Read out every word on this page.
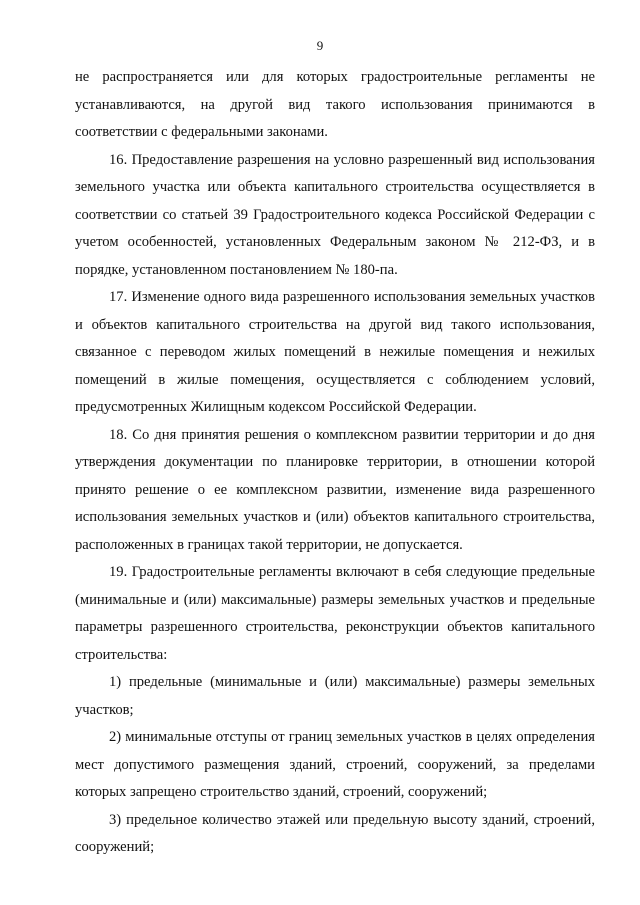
9

не распространяется или для которых градостроительные регламенты не устанавливаются, на другой вид такого использования принимаются в соответствии с федеральными законами.

16. Предоставление разрешения на условно разрешенный вид использования земельного участка или объекта капитального строительства осуществляется в соответствии со статьей 39 Градостроительного кодекса Российской Федерации с учетом особенностей, установленных Федеральным законом № 212-ФЗ, и в порядке, установленном постановлением № 180-па.

17. Изменение одного вида разрешенного использования земельных участков и объектов капитального строительства на другой вид такого использования, связанное с переводом жилых помещений в нежилые помещения и нежилых помещений в жилые помещения, осуществляется с соблюдением условий, предусмотренных Жилищным кодексом Российской Федерации.

18. Со дня принятия решения о комплексном развитии территории и до дня утверждения документации по планировке территории, в отношении которой принято решение о ее комплексном развитии, изменение вида разрешенного использования земельных участков и (или) объектов капитального строительства, расположенных в границах такой территории, не допускается.

19. Градостроительные регламенты включают в себя следующие предельные (минимальные и (или) максимальные) размеры земельных участков и предельные параметры разрешенного строительства, реконструкции объектов капитального строительства:

1) предельные (минимальные и (или) максимальные) размеры земельных участков;

2) минимальные отступы от границ земельных участков в целях определения мест допустимого размещения зданий, строений, сооружений, за пределами которых запрещено строительство зданий, строений, сооружений;

3) предельное количество этажей или предельную высоту зданий, строений, сооружений;
